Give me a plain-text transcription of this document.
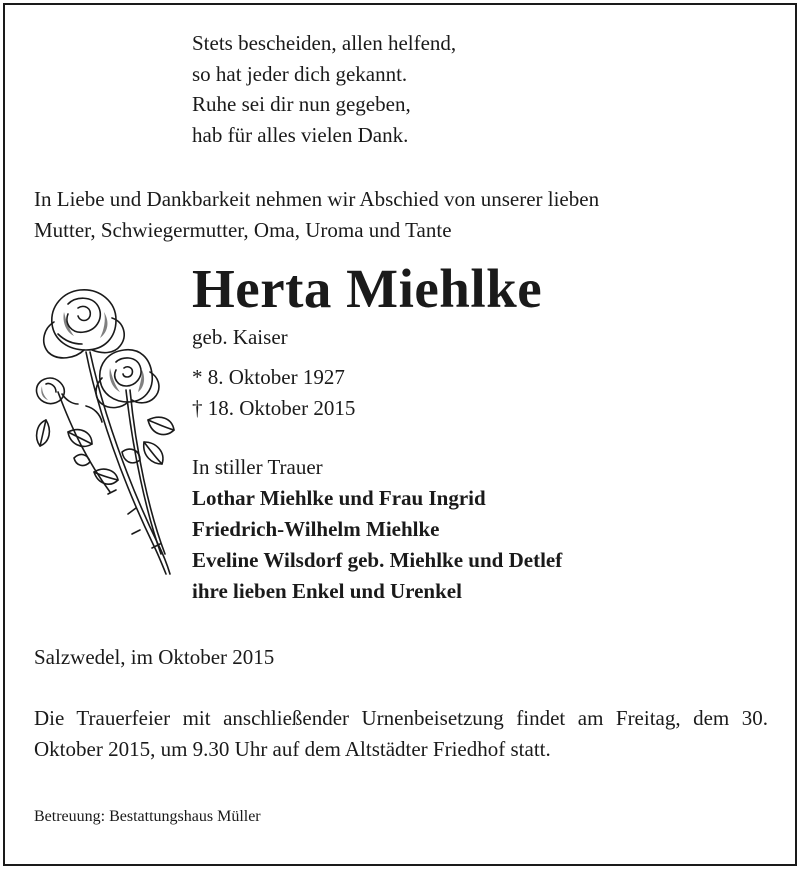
Stets bescheiden, allen helfend,
so hat jeder dich gekannt.
Ruhe sei dir nun gegeben,
hab für alles vielen Dank.
In Liebe und Dankbarkeit nehmen wir Abschied von unserer lieben
Mutter, Schwiegermutter, Oma, Uroma und Tante
Herta Miehlke
geb. Kaiser
* 8. Oktober 1927
† 18. Oktober 2015
In stiller Trauer
Lothar Miehlke und Frau Ingrid
Friedrich-Wilhelm Miehlke
Eveline Wilsdorf geb. Miehlke und Detlef
ihre lieben Enkel und Urenkel
Salzwedel, im Oktober 2015
Die Trauerfeier mit anschließender Urnenbeisetzung findet am Freitag, dem 30. Oktober 2015, um 9.30 Uhr auf dem Altstädter Friedhof statt.
Betreuung: Bestattungshaus Müller
